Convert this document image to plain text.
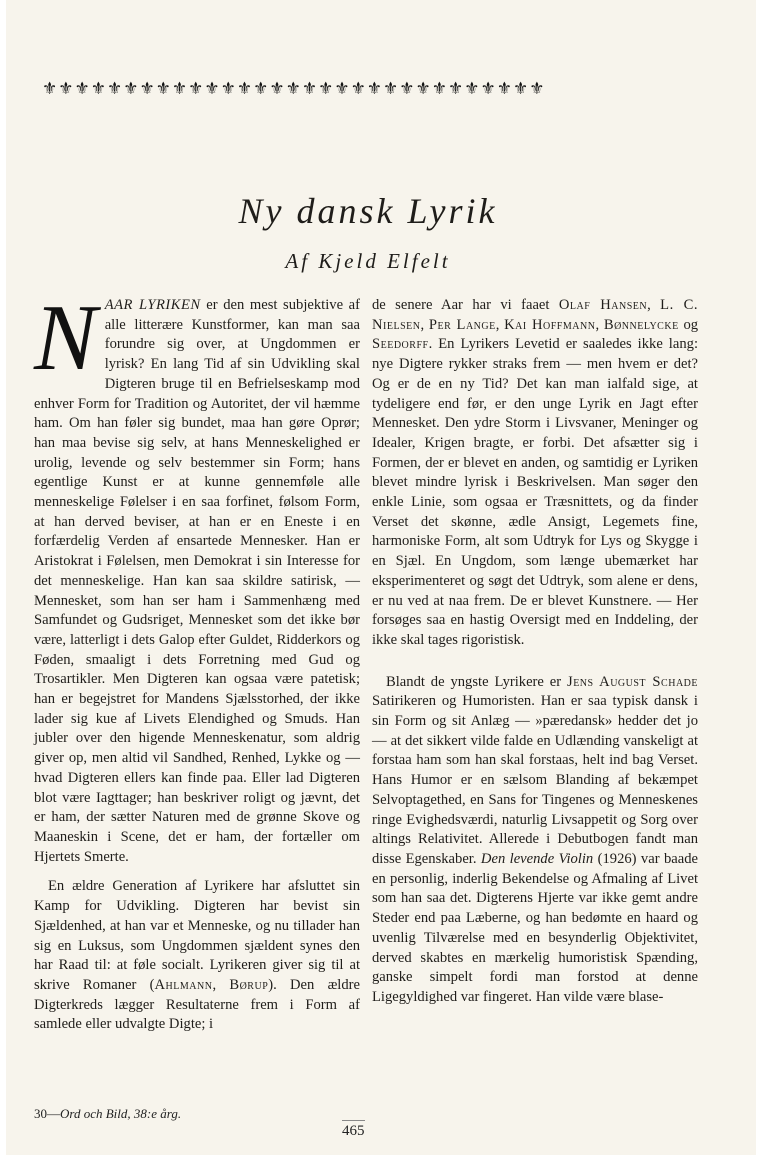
⚜⚜⚜⚜⚜⚜⚜⚜⚜⚜⚜⚜⚜⚜⚜⚜⚜⚜⚜⚜⚜⚜⚜⚜⚜⚜⚜⚜⚜⚜⚜
Ny dansk Lyrik
Af Kjeld Elfelt

NAAR LYRIKEN er den mest subjektive af alle litterære Kunstformer, kan man saa forundre sig over, at Ungdommen er lyrisk? En lang Tid af sin Udvikling skal Digteren bruge til en Befrielseskamp mod enhver Form for Tradition og Autoritet, der vil hæmme ham. Om han føler sig bundet, maa han gøre Oprør; han maa bevise sig selv, at hans Menneskelighed er urolig, levende og selv bestemmer sin Form; hans egentlige Kunst er at kunne gennemføle alle menneskelige Følelser i en saa forfinet, følsom Form, at han derved beviser, at han er en Eneste i en forfærdelig Verden af ensartede Mennesker. Han er Aristokrat i Følelsen, men Demokrat i sin Interesse for det menneskelige. Han kan saa skildre satirisk, — Mennesket, som han ser ham i Sammenhæng med Samfundet og Gudsriget, Mennesket som det ikke bør være, latterligt i dets Galop efter Guldet, Ridderkors og Føden, smaaligt i dets Forretning med Gud og Trosartikler. Men Digteren kan ogsaa være patetisk; han er begejstret for Mandens Sjælsstorhed, der ikke lader sig kue af Livets Elendighed og Smuds. Han jubler over den higende Menneskenatur, som aldrig giver op, men altid vil Sandhed, Renhed, Lykke og — hvad Digteren ellers kan finde paa. Eller lad Digteren blot være Iagttager; han beskriver roligt og jævnt, det er ham, der sætter Naturen med de grønne Skove og Maaneskin i Scene, det er ham, der fortæller om Hjertets Smerte.

En ældre Generation af Lyrikere har afsluttet sin Kamp for Udvikling. Digteren har bevist sin Sjældenhed, at han var et Menneske, og nu tillader han sig en Luksus, som Ungdommen sjældent synes den har Raad til: at føle socialt. Lyrikeren giver sig til at skrive Romaner (Ahlmann, Børup). Den ældre Digterkreds lægger Resultaterne frem i Form af samlede eller udvalgte Digte; i

de senere Aar har vi faaet Olaf Hansen, L. C. Nielsen, Per Lange, Kai Hoffmann, Bønnelycke og Seedorff. En Lyrikers Levetid er saaledes ikke lang: nye Digtere rykker straks frem — men hvem er det? Og er de en ny Tid? Det kan man ialfald sige, at tydeligere end før, er den unge Lyrik en Jagt efter Mennesket. Den ydre Storm i Livsvaner, Meninger og Idealer, Krigen bragte, er forbi. Det afsætter sig i Formen, der er blevet en anden, og samtidig er Lyriken blevet mindre lyrisk i Beskrivelsen. Man søger den enkle Linie, som ogsaa er Træsnittets, og da finder Verset det skønne, ædle Ansigt, Legemets fine, harmoniske Form, alt som Udtryk for Lys og Skygge i en Sjæl. En Ungdom, som længe ubemærket har eksperimenteret og søgt det Udtryk, som alene er dens, er nu ved at naa frem. De er blevet Kunstnere. — Her forsøges saa en hastig Oversigt med en Inddeling, der ikke skal tages rigoristisk.

Blandt de yngste Lyrikere er Jens August Schade Satirikeren og Humoristen. Han er saa typisk dansk i sin Form og sit Anlæg — »pæredansk» hedder det jo — at det sikkert vilde falde en Udlænding vanskeligt at forstaa ham som han skal forstaas, helt ind bag Verset. Hans Humor er en sælsom Blanding af bekæmpet Selvoptagethed, en Sans for Tingenes og Menneskenes ringe Evighedsværdi, naturlig Livsappetit og Sorg over altings Relativitet. Allerede i Debutbogen fandt man disse Egenskaber. Den levende Violin (1926) var baade en personlig, inderlig Bekendelse og Afmaling af Livet som han saa det. Digterens Hjerte var ikke gemt andre Steder end paa Læberne, og han bedømte en haard og uvenlig Tilværelse med en besynderlig Objektivitet, derved skabtes en mærkelig humoristisk Spænding, ganske simpelt fordi man forstod at denne Ligegyldighed var fingeret. Han vilde være blase-

30—Ord och Bild, 38:e årg.
465
